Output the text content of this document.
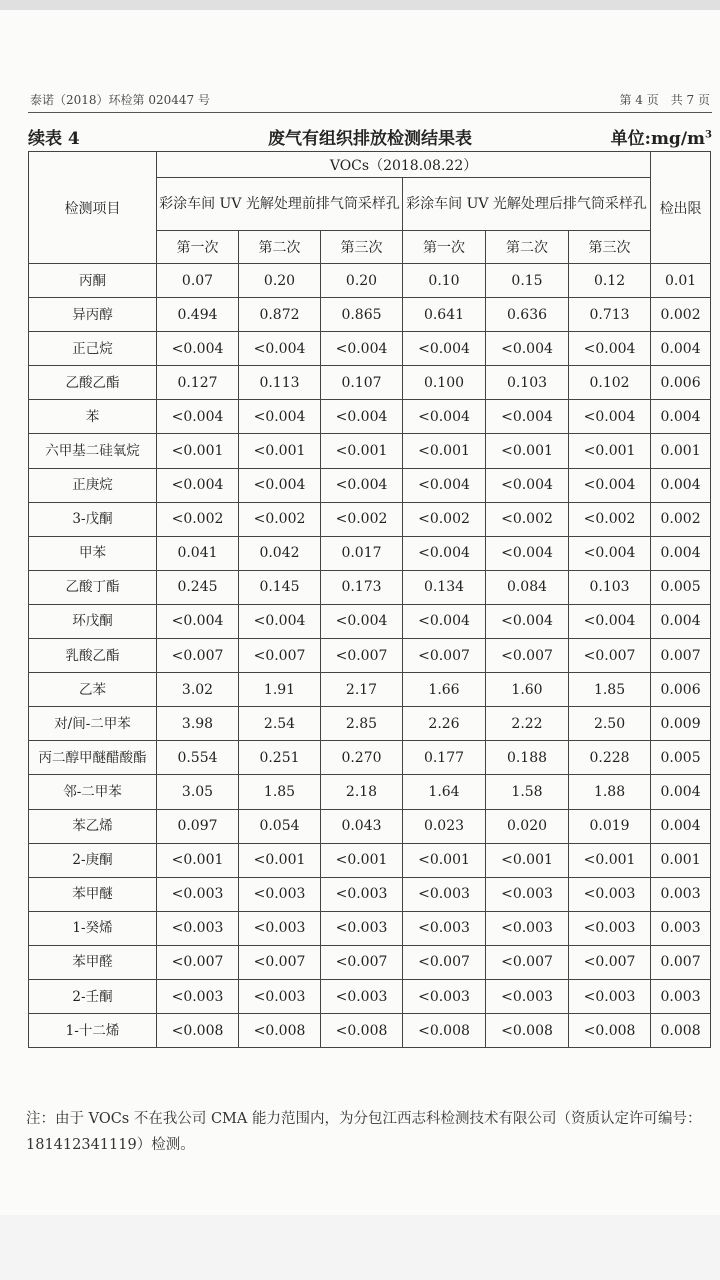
泰诺（2018）环检第 020447 号	第 4 页　共 7 页
续表 4	废气有组织排放检测结果表	单位$:mg/m^3$
检测项目	VOCs（2018.08.22）						检出限
	彩涂车间 UV 光解处理前排气筒采样孔			彩涂车间 UV 光解处理后排气筒采样孔			
	第一次	第二次	第三次	第一次	第二次	第三次	
丙酮	0.07	0.20	0.20	0.10	0.15	0.12	0.01
异丙醇	0.494	0.872	0.865	0.641	0.636	0.713	0.002
正己烷	<0.004	<0.004	<0.004	<0.004	<0.004	<0.004	0.004
乙酸乙酯	0.127	0.113	0.107	0.100	0.103	0.102	0.006
苯	<0.004	<0.004	<0.004	<0.004	<0.004	<0.004	0.004
六甲基二硅氧烷	<0.001	<0.001	<0.001	<0.001	<0.001	<0.001	0.001
正庚烷	<0.004	<0.004	<0.004	<0.004	<0.004	<0.004	0.004
3-戊酮	<0.002	<0.002	<0.002	<0.002	<0.002	<0.002	0.002
甲苯	0.041	0.042	0.017	<0.004	<0.004	<0.004	0.004
乙酸丁酯	0.245	0.145	0.173	0.134	0.084	0.103	0.005
环戊酮	<0.004	<0.004	<0.004	<0.004	<0.004	<0.004	0.004
乳酸乙酯	<0.007	<0.007	<0.007	<0.007	<0.007	<0.007	0.007
乙苯	3.02	1.91	2.17	1.66	1.60	1.85	0.006
对/间-二甲苯	3.98	2.54	2.85	2.26	2.22	2.50	0.009
丙二醇甲醚醋酸酯	0.554	0.251	0.270	0.177	0.188	0.228	0.005
邻-二甲苯	3.05	1.85	2.18	1.64	1.58	1.88	0.004
苯乙烯	0.097	0.054	0.043	0.023	0.020	0.019	0.004
2-庚酮	<0.001	<0.001	<0.001	<0.001	<0.001	<0.001	0.001
苯甲醚	<0.003	<0.003	<0.003	<0.003	<0.003	<0.003	0.003
1-癸烯	<0.003	<0.003	<0.003	<0.003	<0.003	<0.003	0.003
苯甲醛	<0.007	<0.007	<0.007	<0.007	<0.007	<0.007	0.007
2-壬酮	<0.003	<0.003	<0.003	<0.003	<0.003	<0.003	0.003
1-十二烯	<0.008	<0.008	<0.008	<0.008	<0.008	<0.008	0.008
注：由于 VOCs 不在我公司 CMA 能力范围内，为分包江西志科检测技术有限公司（资质认定许可编号：181412341119）检测。
